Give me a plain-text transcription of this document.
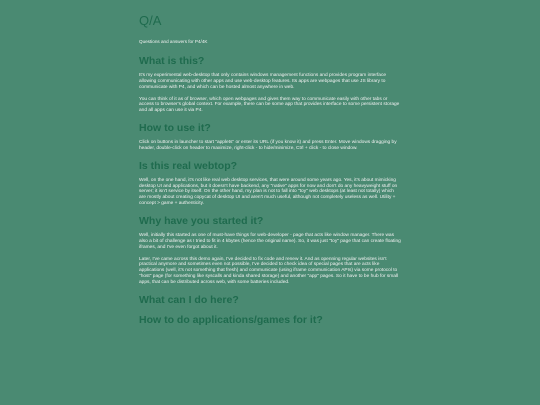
Q/A

Questions and answers for P4/4K

What is this?

It's my experimental web-desktop that only contains windows management functions and provides program interface allowing communicating with other apps and use web-desktop features. Its apps are webpages that use JS library to communicate with P4, and which can be hosted almost anywhere in web.

You can think of it as of browser, which open webpages and gives them way to communicate easily with other tabs or access to browser's global context. For example, there can be some app that provides interface to some persistent storage and all apps can use it via P4.

How to use it?

Click on buttons in launcher to start "applets" or enter its URL (if you know it) and press Enter. Move windows dragging by header, double-click on header to maximize, right-click - to hide/minimize, Ctrl + click - to close window.

Is this real webtop?

Well, on the one hand, it's not like real web desktop services, that were around some years ago. Yes, it's about mimicking desktop UI and applications, but it doesn't have backend, any "native" apps for now and don't do any heavyweight stuff on server; it isn't service by itself. On the other hand, my plan is not to fall into "toy" web desktops (at least not totally) which are mostly about creating copycat of desktop UI and aren't much useful, although not completely useless as well. Utility + concept > game + authenticity.

Why have you started it?

Well, initially this started as one of must-have things for web-developer - page that acts like window manager. There was also a bit of challenge as I tried to fit in 4 kbytes (hence the original name). So, it was just "toy" page that can create floating iframes, and I've even forgot about it.

Later, I've came across this demo again, I've decided to fix code and renew it. And as openning regular websites isn't practical anymore and sometimes even not possible, I've decided to check idea of special pages that are acts like applications (well, it's not something that fresh) and communicate (using iframe communication APIs) via some protocol to "host" page (for something like syscalls and kinda shared storage) and another "app" pages. So it have to be hub for small apps, that can be distributed across web, with some batteries included.

What can I do here?
How to do applications/games for it?
